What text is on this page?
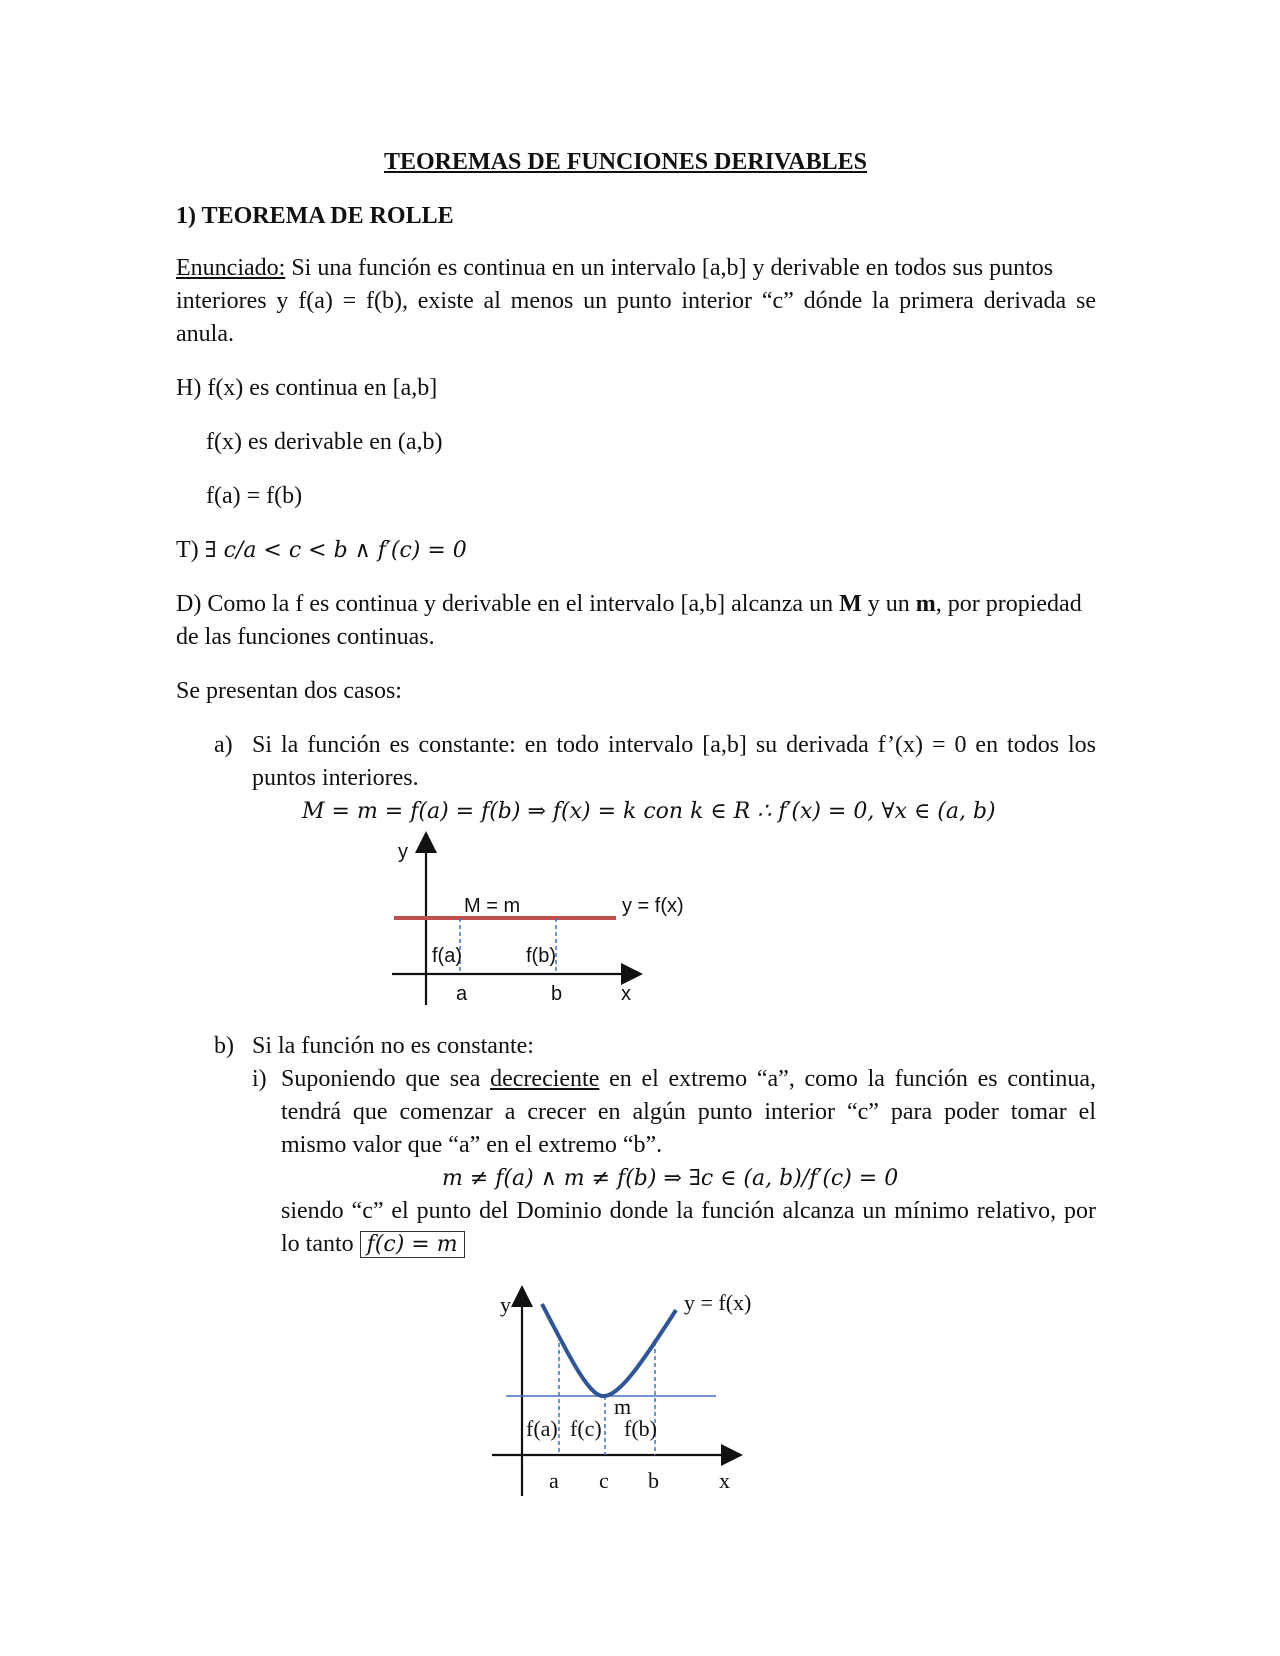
TEOREMAS DE FUNCIONES DERIVABLES
1) TEOREMA DE ROLLE
Enunciado: Si una función es continua en un intervalo [a,b] y derivable en todos sus puntos
interiores y f(a) = f(b), existe al menos un punto interior “c” dónde la primera derivada se
anula.
H) f(x) es continua en [a,b]
f(x) es derivable en (a,b)
f(a) = f(b)
T) ∃ c/a < c < b ∧ f′(c) = 0
D) Como la f es continua y derivable en el intervalo [a,b] alcanza un M y un m, por propiedad
de las funciones continuas.
Se presentan dos casos:
a) Si la función es constante: en todo intervalo [a,b] su derivada f’(x) = 0 en todos los
puntos interiores.
M = m = f(a) = f(b) ⇒ f(x) = k con k ∈ R ∴ f′(x) = 0, ∀x ∈ (a, b)
y
M = m	y = f(x)
f(a)	f(b)
a	b	x
b) Si la función no es constante:
i) Suponiendo que sea decreciente en el extremo “a”, como la función es continua,
tendrá que comenzar a crecer en algún punto interior “c” para poder tomar el
mismo valor que “a” en el extremo “b”.
m ≠ f(a) ∧ m ≠ f(b) ⇒ ∃c ∈ (a, b)/f′(c) = 0
siendo “c” el punto del Dominio donde la función alcanza un mínimo relativo, por
lo tanto f(c) = m
y	y = f(x)
m
f(a) f(c) f(b)
a c b	x
